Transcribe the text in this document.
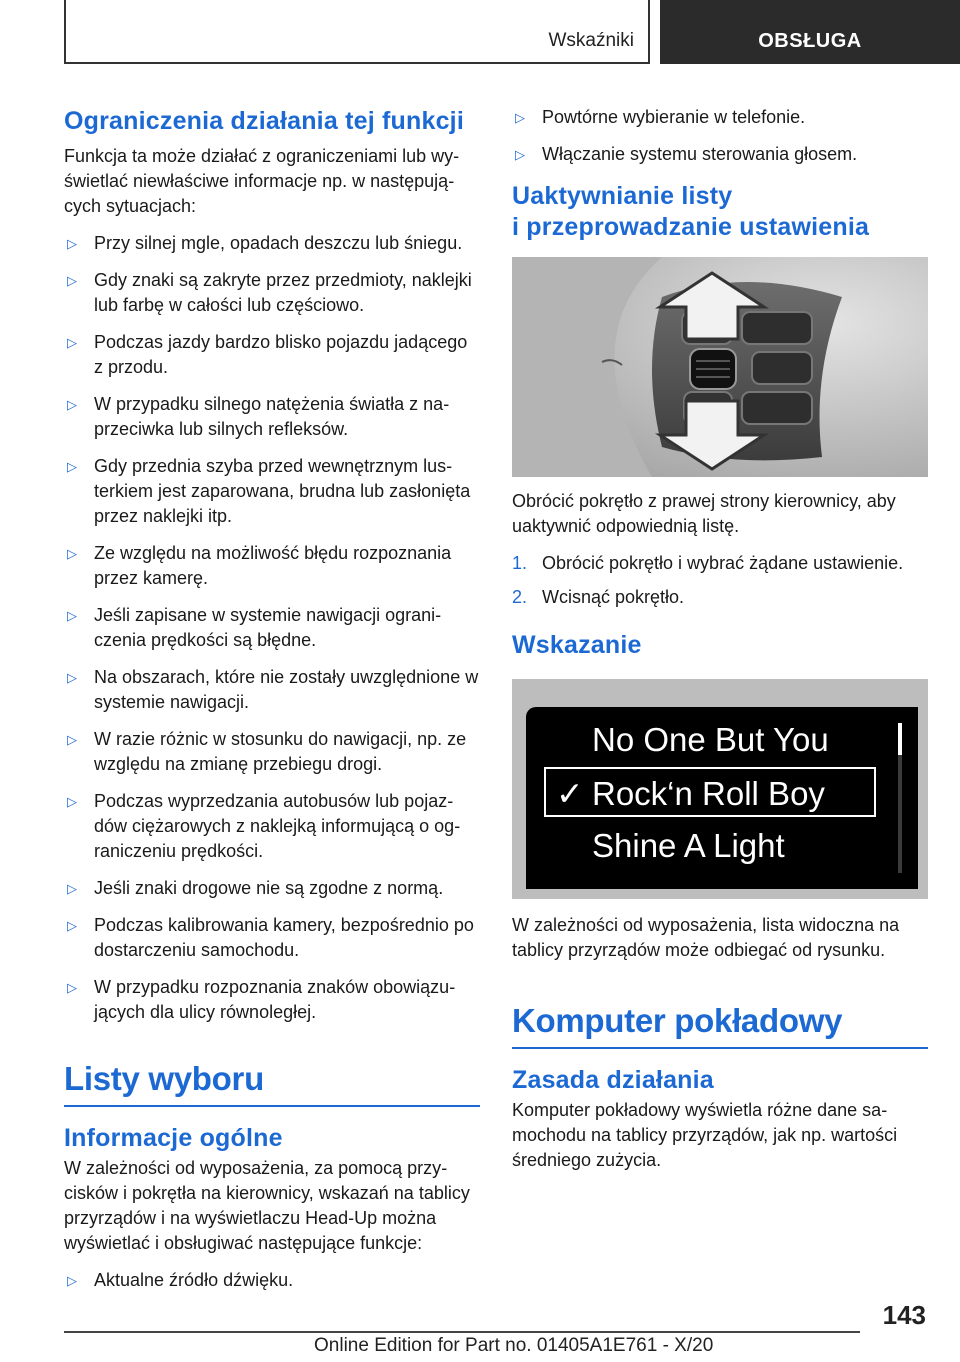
Wskaźniki	OBSŁUGA
Ograniczenia działania tej funkcji

Funkcja ta może działać z ograniczeniami lub wyświetlać niewłaściwe informacje np. w następujących sytuacjach:

▷ Przy silnej mgle, opadach deszczu lub śniegu.
▷ Gdy znaki są zakryte przez przedmioty, naklejki lub farbę w całości lub częściowo.
▷ Podczas jazdy bardzo blisko pojazdu jadącego z przodu.
▷ W przypadku silnego natężenia światła z naprzeciwka lub silnych refleksów.
▷ Gdy przednia szyba przed wewnętrznym lusterkiem jest zaparowana, brudna lub zasłonięta przez naklejki itp.
▷ Ze względu na możliwość błędu rozpoznania przez kamerę.
▷ Jeśli zapisane w systemie nawigacji ograniczenia prędkości są błędne.
▷ Na obszarach, które nie zostały uwzględnione w systemie nawigacji.
▷ W razie różnic w stosunku do nawigacji, np. ze względu na zmianę przebiegu drogi.
▷ Podczas wyprzedzania autobusów lub pojazdów ciężarowych z naklejką informującą o ograniczeniu prędkości.
▷ Jeśli znaki drogowe nie są zgodne z normą.
▷ Podczas kalibrowania kamery, bezpośrednio po dostarczeniu samochodu.
▷ W przypadku rozpoznania znaków obowiązujących dla ulicy równoległej.
Listy wyboru
Informacje ogólne

W zależności od wyposażenia, za pomocą przycisków i pokrętła na kierownicy, wskazań na tablicy przyrządów i na wyświetlaczu Head-Up można wyświetlać i obsługiwać następujące funkcje:

▷ Aktualne źródło dźwięku.
▷ Powtórne wybieranie w telefonie.
▷ Włączanie systemu sterowania głosem.
Uaktywnianie listy
i przeprowadzanie ustawienia

Obrócić pokrętło z prawej strony kierownicy, aby uaktywnić odpowiednią listę.

1. Obrócić pokrętło i wybrać żądane ustawienie.
2. Wcisnąć pokrętło.
Wskazanie
No One But You
✓ Rock‘n Roll Boy
Shine A Light

W zależności od wyposażenia, lista widoczna na tablicy przyrządów może odbiegać od rysunku.

Komputer pokładowy
Zasada działania

Komputer pokładowy wyświetla różne dane samochodu na tablicy przyrządów, jak np. wartości średniego zużycia.

143
Online Edition for Part no. 01405A1E761 - X/20
